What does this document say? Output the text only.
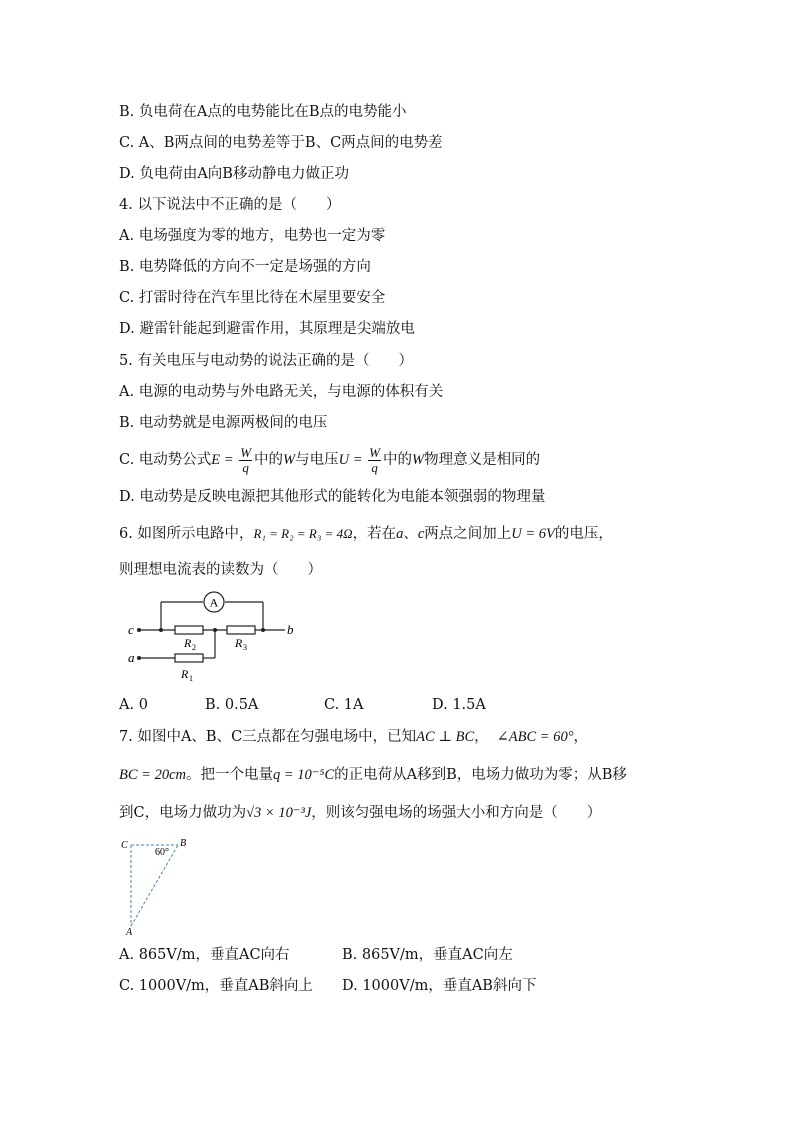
B. 负电荷在A点的电势能比在B点的电势能小
C. A、B两点间的电势差等于B、C两点间的电势差
D. 负电荷由A向B移动静电力做正功
4. 以下说法中不正确的是（　　）
A. 电场强度为零的地方，电势也一定为零
B. 电势降低的方向不一定是场强的方向
C. 打雷时待在汽车里比待在木屋里要安全
D. 避雷针能起到避雷作用，其原理是尖端放电
5. 有关电压与电动势的说法正确的是（　　）
A. 电源的电动势与外电路无关，与电源的体积有关
B. 电动势就是电源两极间的电压
C. 电动势公式$E = \frac{W}{q}$ 中的W与电压$U = \frac{W}{q}$ 中的W物理意义是相同的
D. 电动势是反映电源把其他形式的能转化为电能本领强弱的物理量
6. 如图所示电路中，R₁ = R₂ = R₃ = 4Ω，若在a、c两点之间加上U = 6V的电压，
则理想电流表的读数为（　　）
A
c	b
a
R 2	R 3
R 1
A. 0	B. 0.5A	C. 1A	D. 1.5A
7. 如图中A、B、C三点都在匀强电场中，已知AC ⊥ BC， ∠ABC = 60°，
BC = 20cm。把一个电量q = 10⁻⁵C的正电荷从A移到B，电场力做功为零；从B移
到C，电场力做功为√3 × 10⁻³J，则该匀强电场的场强大小和方向是（　　）
C	B
A
60°
A. 865V/m，垂直AC向右	B. 865V/m，垂直AC向左
C. 1000V/m，垂直AB斜向上 D. 1000V/m，垂直AB斜向下
